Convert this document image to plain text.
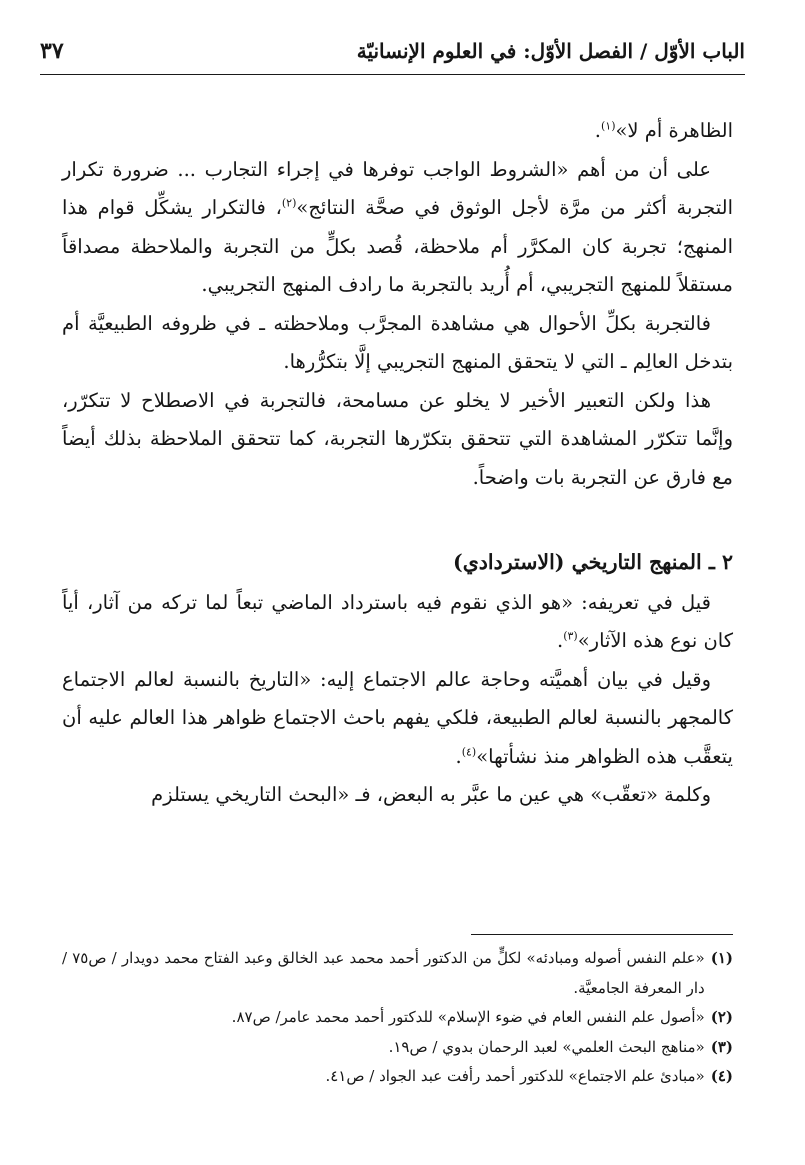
الباب الأوّل / الفصل الأوّل: في العلوم الإنسانيّة
٣٧

الظاهرة أم لا»$^{(١)}$.

على أن من أهم «الشروط الواجب توفرها في إجراء التجارب ... ضرورة تكرار التجربة أكثر من مرَّة لأجل الوثوق في صحَّة النتائج»$^{(٢)}$، فالتكرار يشكِّل قوام هذا المنهج؛ تجربة كان المكرَّر أم ملاحظة، قُصد بكلٍّ من التجربة والملاحظة مصداقاً مستقلاً للمنهج التجريبي، أم أُريد بالتجربة ما رادف المنهج التجريبي.

فالتجربة بكلِّ الأحوال هي مشاهدة المجرَّب وملاحظته ـ في ظروفه الطبيعيَّة أم بتدخل العالِم ـ التي لا يتحقق المنهج التجريبي إلَّا بتكرُّرها.

هذا ولكن التعبير الأخير لا يخلو عن مسامحة، فالتجربة في الاصطلاح لا تتكرّر، وإنَّما تتكرّر المشاهدة التي تتحقق بتكرّرها التجربة، كما تتحقق الملاحظة بذلك أيضاً مع فارق عن التجربة بات واضحاً.

٢ ـ المنهج التاريخي (الاستردادي)

قيل في تعريفه: «هو الذي نقوم فيه باسترداد الماضي تبعاً لما تركه من آثار، أياً كان نوع هذه الآثار»$^{(٣)}$.

وقيل في بيان أهميَّته وحاجة عالم الاجتماع إليه: «التاريخ بالنسبة لعالم الاجتماع كالمجهر بالنسبة لعالم الطبيعة، فلكي يفهم باحث الاجتماع ظواهر هذا العالم عليه أن يتعقَّب هذه الظواهر منذ نشأتها»$^{(٤)}$.

وكلمة «تعقّب» هي عين ما عبَّر به البعض، فـ «البحث التاريخي يستلزم

(١)
«علم النفس أصوله ومبادئه» لكلٍّ من الدكتور أحمد محمد عبد الخالق وعبد الفتاح محمد دويدار / ص٧٥ / دار المعرفة الجامعيَّة.
(٢)
«أصول علم النفس العام في ضوء الإسلام» للدكتور أحمد محمد عامر/ ص٨٧.
(٣)
«مناهج البحث العلمي» لعبد الرحمان بدوي / ص١٩.
(٤)
«مبادئ علم الاجتماع» للدكتور أحمد رأفت عبد الجواد / ص٤١.
